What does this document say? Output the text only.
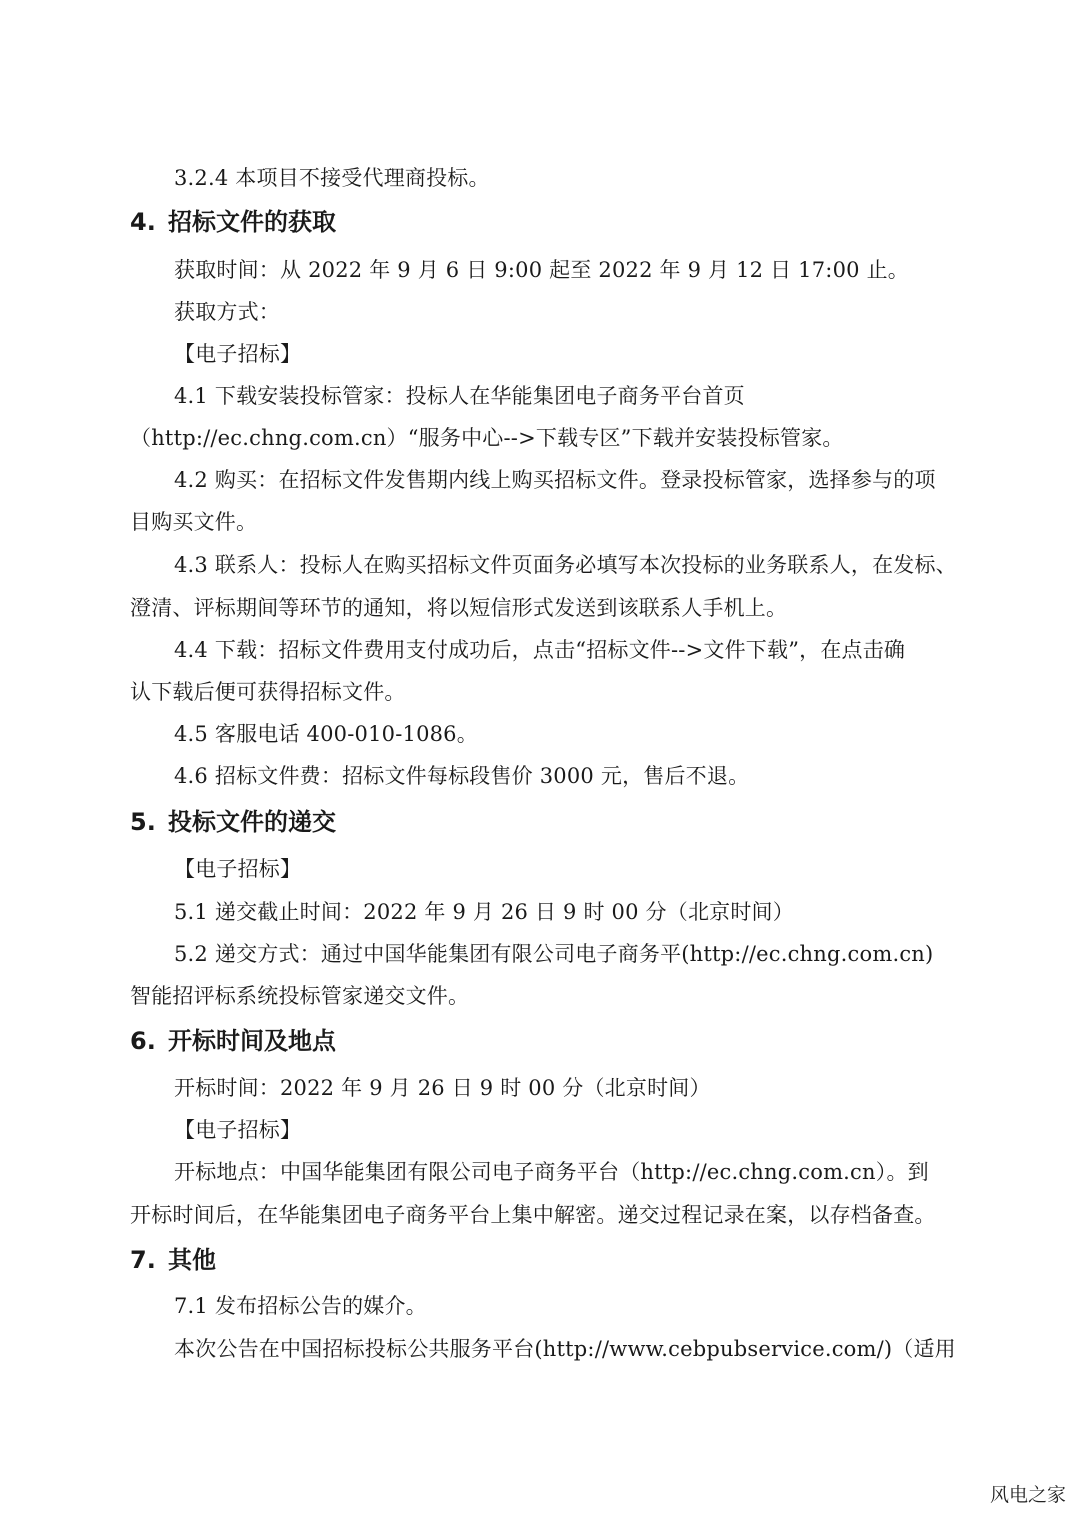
3.2.4 本项目不接受代理商投标。
4. 招标文件的获取
获取时间：从 2022 年 9 月 6 日 9:00 起至 2022 年 9 月 12 日 17:00 止。
获取方式：
【电子招标】
4.1 下载安装投标管家：投标人在华能集团电子商务平台首页
（http://ec.chng.com.cn）“服务中心-->下载专区”下载并安装投标管家。
4.2 购买：在招标文件发售期内线上购买招标文件。登录投标管家，选择参与的项
目购买文件。
4.3 联系人：投标人在购买招标文件页面务必填写本次投标的业务联系人，在发标、
澄清、评标期间等环节的通知，将以短信形式发送到该联系人手机上。
4.4 下载：招标文件费用支付成功后，点击“招标文件-->文件下载”，在点击确
认下载后便可获得招标文件。
4.5 客服电话 400-010-1086。
4.6 招标文件费：招标文件每标段售价 3000 元，售后不退。
5. 投标文件的递交
【电子招标】
5.1 递交截止时间：2022 年 9 月 26 日 9 时 00 分（北京时间）
5.2 递交方式：通过中国华能集团有限公司电子商务平(http://ec.chng.com.cn)
智能招评标系统投标管家递交文件。
6. 开标时间及地点
开标时间：2022 年 9 月 26 日 9 时 00 分（北京时间）
【电子招标】
开标地点：中国华能集团有限公司电子商务平台（http://ec.chng.com.cn）。到
开标时间后，在华能集团电子商务平台上集中解密。递交过程记录在案，以存档备查。
7. 其他
7.1 发布招标公告的媒介。
本次公告在中国招标投标公共服务平台(http://www.cebpubservice.com/)（适用
风电之家
